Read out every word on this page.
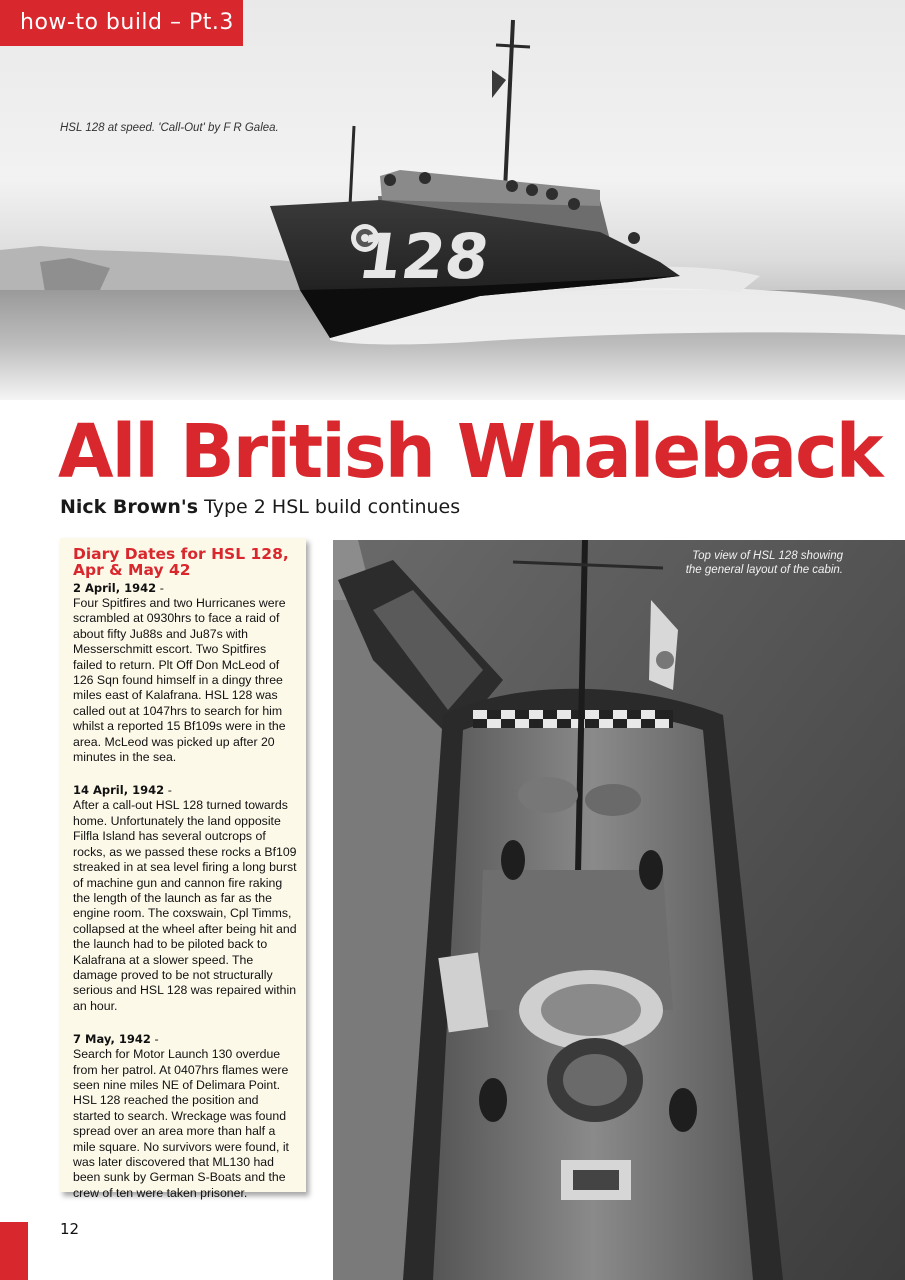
128
how-to build – Pt.3
HSL 128 at speed. 'Call-Out' by F R Galea.
All British Whaleback
Nick Brown's Type 2 HSL build continues
Diary Dates for HSL 128, Apr & May 42
2 April, 1942 -
Four Spitfires and two Hurricanes were scrambled at 0930hrs to face a raid of about fifty Ju88s and Ju87s with Messerschmitt escort. Two Spitfires failed to return. Plt Off Don McLeod of 126 Sqn found himself in a dingy three miles east of Kalafrana. HSL 128 was called out at 1047hrs to search for him whilst a reported 15 Bf109s were in the area. McLeod was picked up after 20 minutes in the sea.
14 April, 1942 -
After a call-out HSL 128 turned towards home. Unfortunately the land opposite Filfla Island has several outcrops of rocks, as we passed these rocks a Bf109 streaked in at sea level firing a long burst of machine gun and cannon fire raking the length of the launch as far as the engine room. The coxswain, Cpl Timms, collapsed at the wheel after being hit and the launch had to be piloted back to Kalafrana at a slower speed. The damage proved to be not structurally serious and HSL 128 was repaired within an hour.
7 May, 1942 -
Search for Motor Launch 130 overdue from her patrol. At 0407hrs flames were seen nine miles NE of Delimara Point. HSL 128 reached the position and started to search. Wreckage was found spread over an area more than half a mile square. No survivors were found, it was later discovered that ML130 had been sunk by German S-Boats and the crew of ten were taken prisoner.
Top view of HSL 128 showing the general layout of the cabin.
12
